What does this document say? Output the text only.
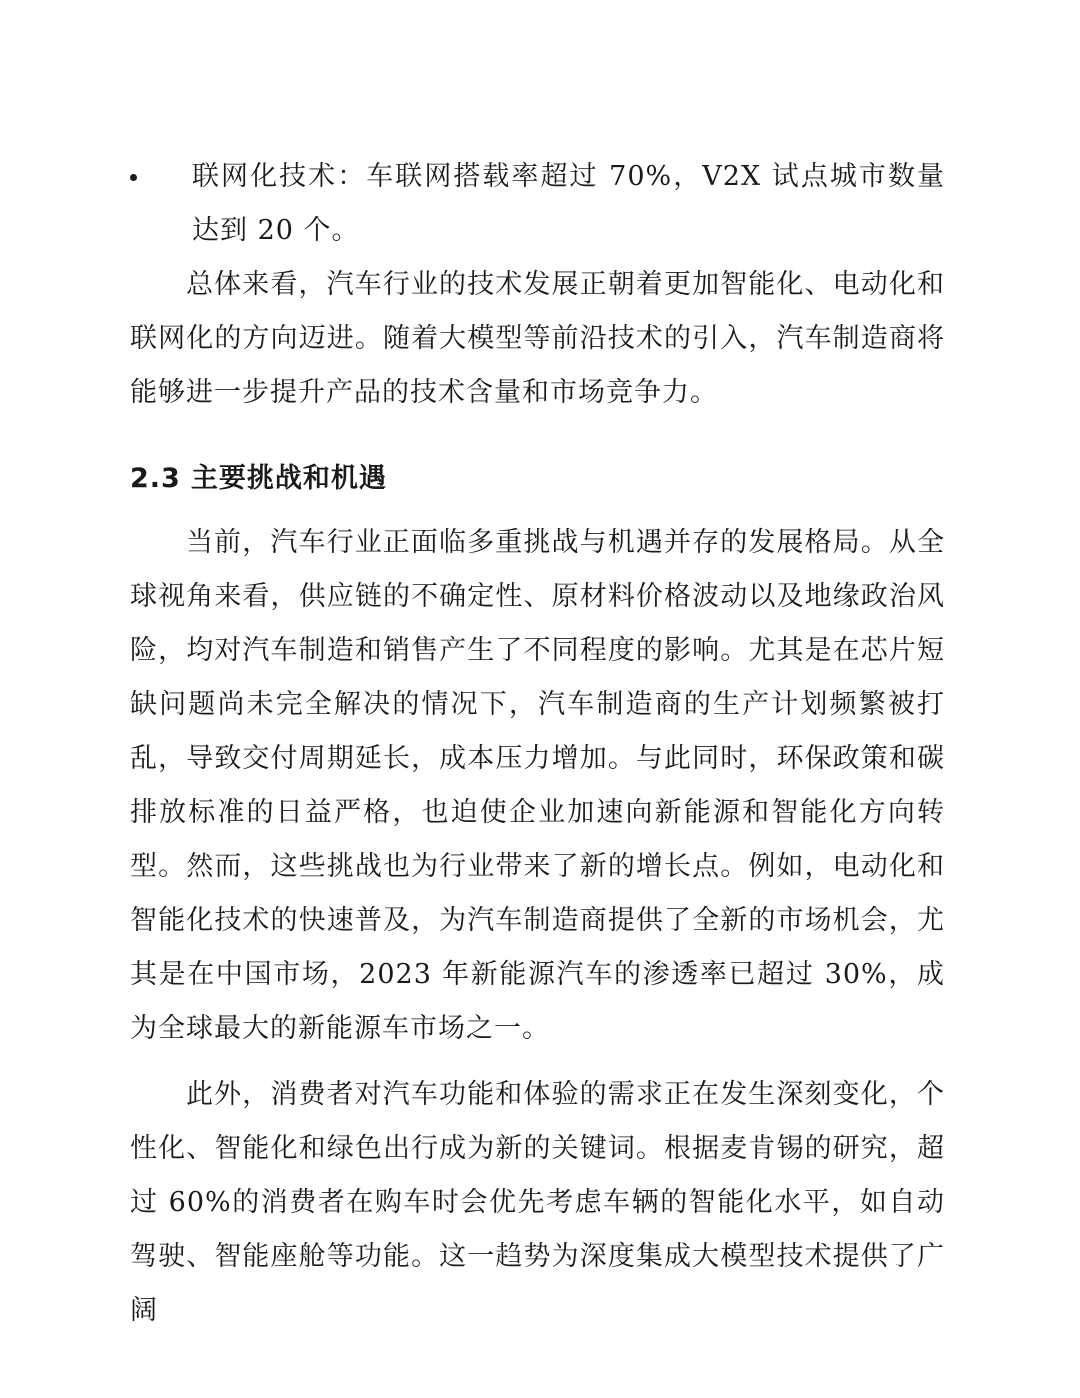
联网化技术：车联网搭载率超过 70%，V2X 试点城市数量达到 20 个。

总体来看，汽车行业的技术发展正朝着更加智能化、电动化和联网化的方向迈进。随着大模型等前沿技术的引入，汽车制造商将能够进一步提升产品的技术含量和市场竞争力。

2.3 主要挑战和机遇

当前，汽车行业正面临多重挑战与机遇并存的发展格局。从全球视角来看，供应链的不确定性、原材料价格波动以及地缘政治风险，均对汽车制造和销售产生了不同程度的影响。尤其是在芯片短缺问题尚未完全解决的情况下，汽车制造商的生产计划频繁被打乱，导致交付周期延长，成本压力增加。与此同时，环保政策和碳排放标准的日益严格，也迫使企业加速向新能源和智能化方向转型。然而，这些挑战也为行业带来了新的增长点。例如，电动化和智能化技术的快速普及，为汽车制造商提供了全新的市场机会，尤其是在中国市场，2023 年新能源汽车的渗透率已超过 30%，成为全球最大的新能源车市场之一。

此外，消费者对汽车功能和体验的需求正在发生深刻变化，个性化、智能化和绿色出行成为新的关键词。根据麦肯锡的研究，超过 60%的消费者在购车时会优先考虑车辆的智能化水平，如自动驾驶、智能座舱等功能。这一趋势为深度集成大模型技术提供了广阔
